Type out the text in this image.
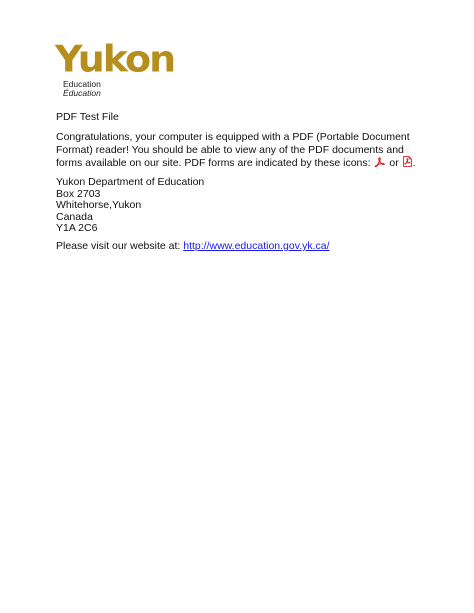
Yukon
Education
Éducation
PDF Test File
Congratulations, your computer is equipped with a PDF (Portable Document Format) reader! You should be able to view any of the PDF documents and forms available on our site. PDF forms are indicated by these icons:  or .
Yukon Department of Education
Box 2703
Whitehorse,Yukon
Canada
Y1A 2C6
Please visit our website at: http://www.education.gov.yk.ca/
